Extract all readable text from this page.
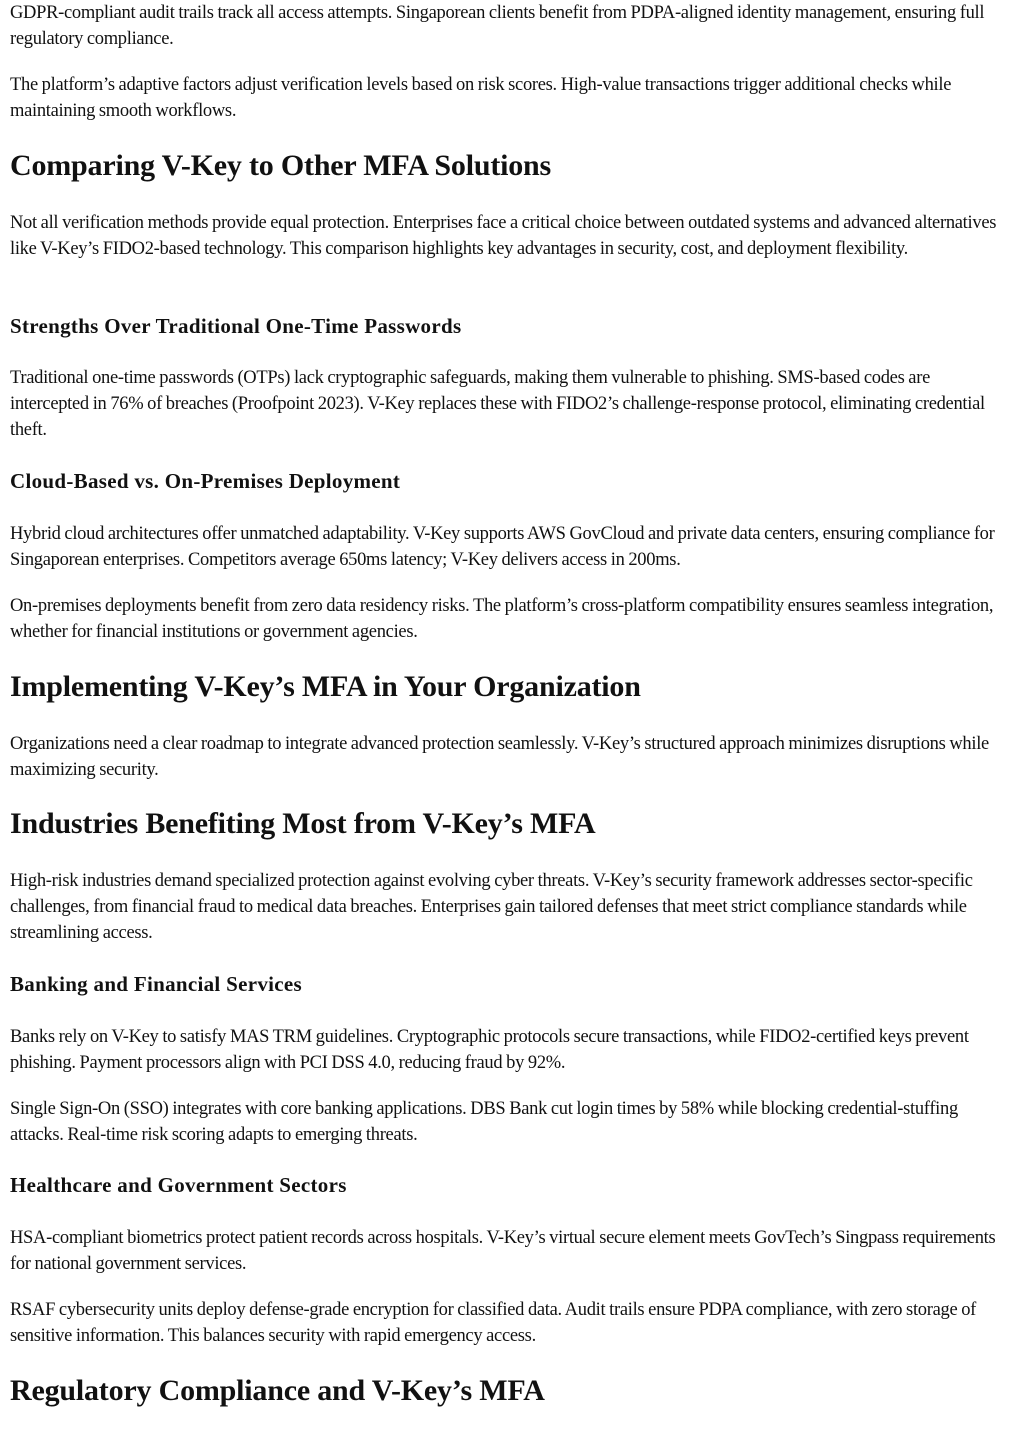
GDPR-compliant audit trails track all access attempts. Singaporean clients benefit from PDPA-aligned identity management, ensuring full regulatory compliance.

The platform’s adaptive factors adjust verification levels based on risk scores. High-value transactions trigger additional checks while maintaining smooth workflows.

Comparing V-Key to Other MFA Solutions

Not all verification methods provide equal protection. Enterprises face a critical choice between outdated systems and advanced alternatives like V-Key’s FIDO2-based technology. This comparison highlights key advantages in security, cost, and deployment flexibility.

Strengths Over Traditional One-Time Passwords

Traditional one-time passwords (OTPs) lack cryptographic safeguards, making them vulnerable to phishing. SMS-based codes are intercepted in 76% of breaches (Proofpoint 2023). V-Key replaces these with FIDO2’s challenge-response protocol, eliminating credential theft.

Cloud-Based vs. On-Premises Deployment

Hybrid cloud architectures offer unmatched adaptability. V-Key supports AWS GovCloud and private data centers, ensuring compliance for Singaporean enterprises. Competitors average 650ms latency; V-Key delivers access in 200ms.

On-premises deployments benefit from zero data residency risks. The platform’s cross-platform compatibility ensures seamless integration, whether for financial institutions or government agencies.

Implementing V-Key’s MFA in Your Organization

Organizations need a clear roadmap to integrate advanced protection seamlessly. V-Key’s structured approach minimizes disruptions while maximizing security.

Industries Benefiting Most from V-Key’s MFA

High-risk industries demand specialized protection against evolving cyber threats. V-Key’s security framework addresses sector-specific challenges, from financial fraud to medical data breaches. Enterprises gain tailored defenses that meet strict compliance standards while streamlining access.

Banking and Financial Services

Banks rely on V-Key to satisfy MAS TRM guidelines. Cryptographic protocols secure transactions, while FIDO2-certified keys prevent phishing. Payment processors align with PCI DSS 4.0, reducing fraud by 92%.

Single Sign-On (SSO) integrates with core banking applications. DBS Bank cut login times by 58% while blocking credential-stuffing attacks. Real-time risk scoring adapts to emerging threats.

Healthcare and Government Sectors

HSA-compliant biometrics protect patient records across hospitals. V-Key’s virtual secure element meets GovTech’s Singpass requirements for national government services.

RSAF cybersecurity units deploy defense-grade encryption for classified data. Audit trails ensure PDPA compliance, with zero storage of sensitive information. This balances security with rapid emergency access.

Regulatory Compliance and V-Key’s MFA
